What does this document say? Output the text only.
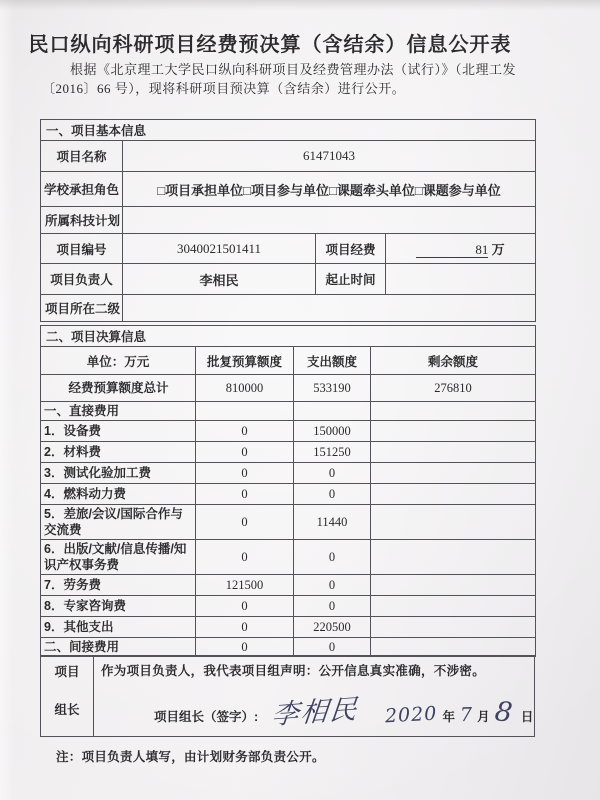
民口纵向科研项目经费预决算（含结余）信息公开表
根据《北京理工大学民口纵向科研项目及经费管理办法（试行）》（北理工发
〔2016〕66 号），现将科研项目预决算（含结余）进行公开。
一、项目基本信息			
项目名称	61471043		
学校承担角色	□项目承担单位□项目参与单位□课题牵头单位□课题参与单位		
所属科技计划			
项目编号	3040021501411	项目经费	81 万
项目负责人	李相民	起止时间	
项目所在二级			
二、项目决算信息			
单位：万元	批复预算额度	支出额度	剩余额度
经费预算额度总计	810000	533190	276810
一、直接费用			
1．设备费	0	150000	
2．材料费	0	151250	
3．测试化验加工费	0	0	
4．燃料动力费	0	0	
5．差旅/会议/国际合作与交流费	0	11440	
6．出版/文献/信息传播/知识产权事务费	0	0	
7．劳务费	121500	0	
8．专家咨询费	0	0	
9．其他支出	0	220500	
二、间接费用	0	0	
项目
组长
作为项目负责人，我代表项目组声明：公开信息真实准确，不涉密。
项目组长（签字）: 李相民 2020 年 7 月 8 日
注：项目负责人填写，由计划财务部负责公开。
